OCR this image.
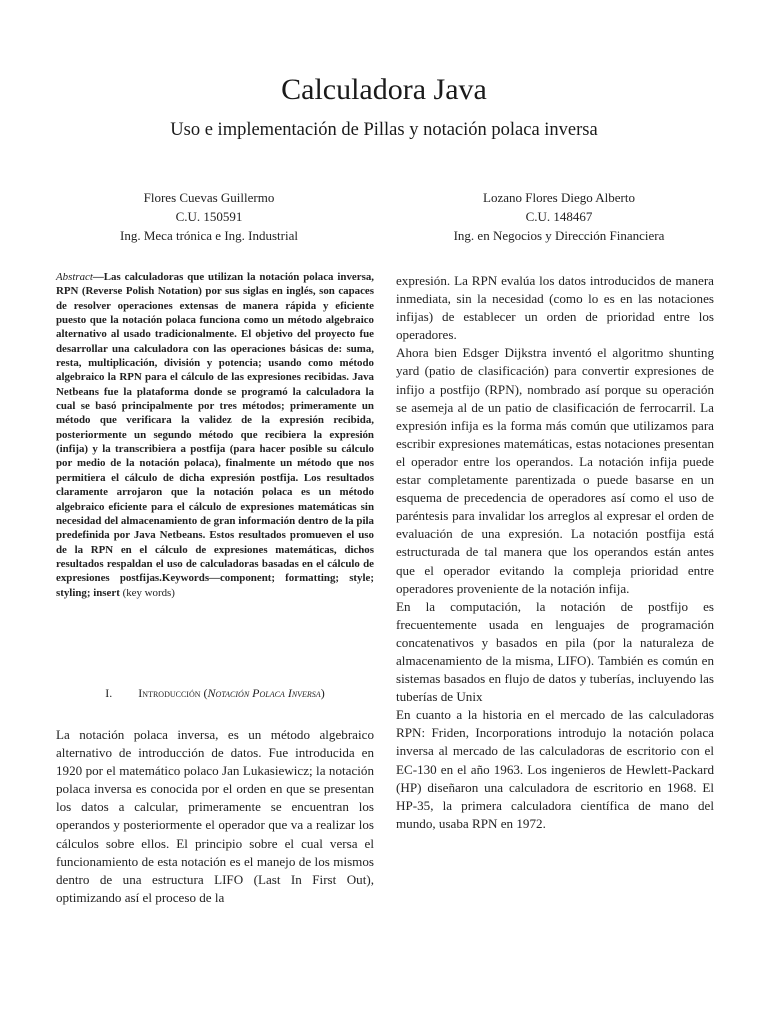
Calculadora Java
Uso e implementación de Pillas y notación polaca inversa
Flores Cuevas Guillermo
C.U. 150591
Ing. Meca trónica e Ing. Industrial
Lozano Flores Diego Alberto
C.U. 148467
Ing. en Negocios y Dirección Financiera
Abstract—Las calculadoras que utilizan la notación polaca inversa, RPN (Reverse Polish Notation) por sus siglas en inglés, son capaces de resolver operaciones extensas de manera rápida y eficiente puesto que la notación polaca funciona como un método algebraico alternativo al usado tradicionalmente. El objetivo del proyecto fue desarrollar una calculadora con las operaciones básicas de: suma, resta, multiplicación, división y potencia; usando como método algebraico la RPN para el cálculo de las expresiones recibidas. Java Netbeans fue la plataforma donde se programó la calculadora la cual se basó principalmente por tres métodos; primeramente un método que verificara la validez de la expresión recibida, posteriormente un segundo método que recibiera la expresión (infija) y la transcribiera a postfija (para hacer posible su cálculo por medio de la notación polaca), finalmente un método que nos permitiera el cálculo de dicha expresión postfija. Los resultados claramente arrojaron que la notación polaca es un método algebraico eficiente para el cálculo de expresiones matemáticas sin necesidad del almacenamiento de gran información dentro de la pila predefinida por Java Netbeans. Estos resultados promueven el uso de la RPN en el cálculo de expresiones matemáticas, dichos resultados respaldan el uso de calculadoras basadas en el cálculo de expresiones postfijas.Keywords—component; formatting; style; styling; insert (key words)
I. Introducción (Notación Polaca Inversa)

La notación polaca inversa, es un método algebraico alternativo de introducción de datos. Fue introducida en 1920 por el matemático polaco Jan Lukasiewicz; la notación polaca inversa es conocida por el orden en que se presentan los datos a calcular, primeramente se encuentran los operandos y posteriormente el operador que va a realizar los cálculos sobre ellos. El principio sobre el cual versa el funcionamiento de esta notación es el manejo de los mismos dentro de una estructura LIFO (Last In First Out), optimizando así el proceso de la

expresión. La RPN evalúa los datos introducidos de manera inmediata, sin la necesidad (como lo es en las notaciones infijas) de establecer un orden de prioridad entre los operadores.

Ahora bien Edsger Dijkstra inventó el algoritmo shunting yard (patio de clasificación) para convertir expresiones de infijo a postfijo (RPN), nombrado así porque su operación se asemeja al de un patio de clasificación de ferrocarril. La expresión infija es la forma más común que utilizamos para escribir expresiones matemáticas, estas notaciones presentan el operador entre los operandos. La notación infija puede estar completamente parentizada o puede basarse en un esquema de precedencia de operadores así como el uso de paréntesis para invalidar los arreglos al expresar el orden de evaluación de una expresión. La notación postfija está estructurada de tal manera que los operandos están antes que el operador evitando la compleja prioridad entre operadores proveniente de la notación infija.

En la computación, la notación de postfijo es frecuentemente usada en lenguajes de programación concatenativos y basados en pila (por la naturaleza de almacenamiento de la misma, LIFO). También es común en sistemas basados en flujo de datos y tuberías, incluyendo las tuberías de Unix

En cuanto a la historia en el mercado de las calculadoras RPN: Friden, Incorporations introdujo la notación polaca inversa al mercado de las calculadoras de escritorio con el EC-130 en el año 1963. Los ingenieros de Hewlett-Packard (HP) diseñaron una calculadora de escritorio en 1968. El HP-35, la primera calculadora científica de mano del mundo, usaba RPN en 1972.
